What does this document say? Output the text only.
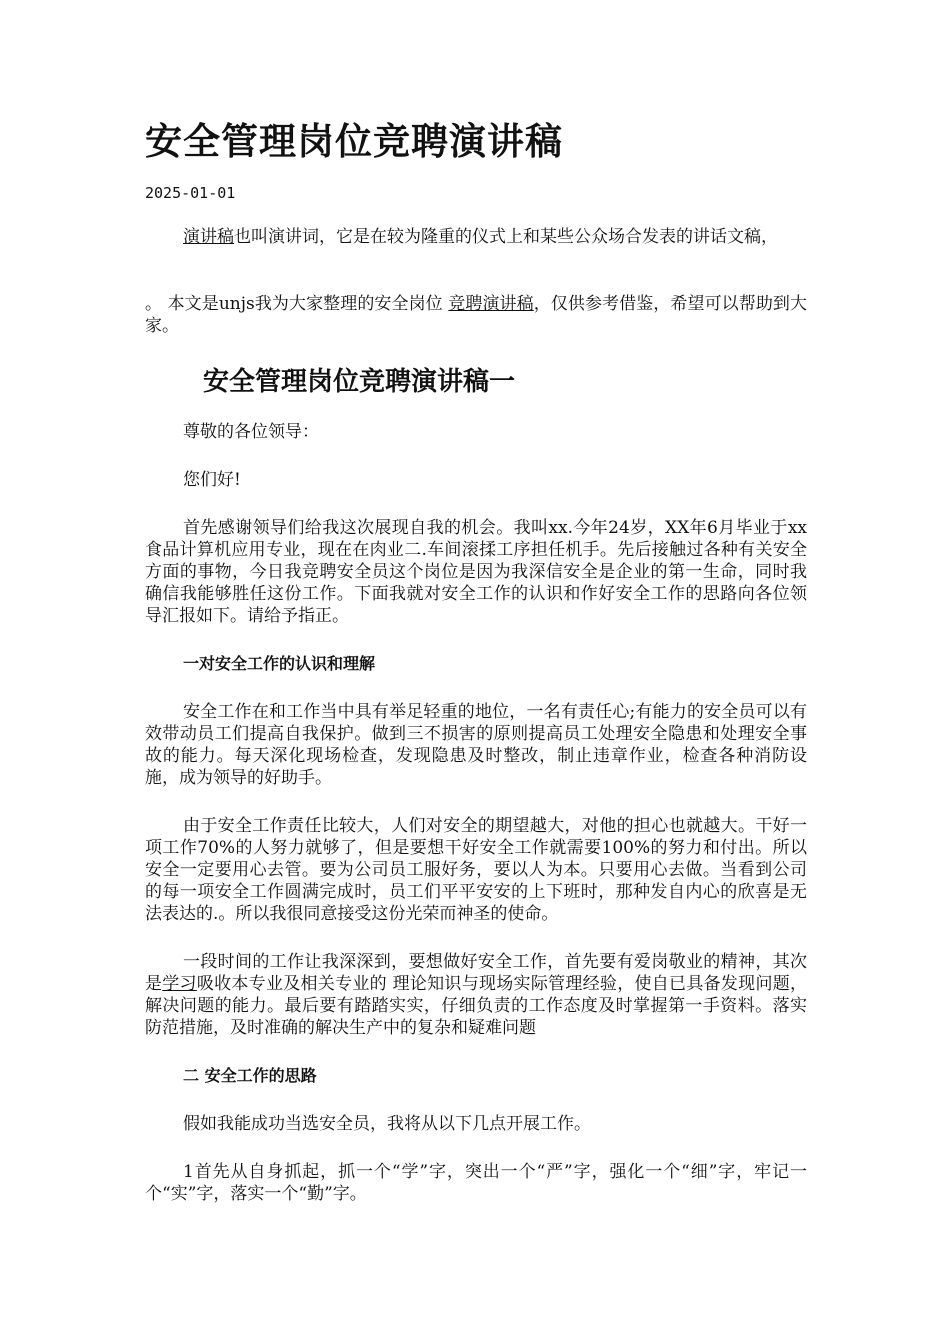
安全管理岗位竞聘演讲稿
2025-01-01

演讲稿也叫演讲词，它是在较为隆重的仪式上和某些公众场合发表的讲话文稿，

。 本文是unjs我为大家整理的安全岗位 竞聘演讲稿，仅供参考借鉴，希望可以帮助到大家。

安全管理岗位竞聘演讲稿一

尊敬的各位领导：

您们好!

首先感谢领导们给我这次展现自我的机会。我叫xx.今年24岁，XX年6月毕业于xx食品计算机应用专业，现在在肉业二.车间滚揉工序担任机手。先后接触过各种有关安全方面的事物，今日我竞聘安全员这个岗位是因为我深信安全是企业的第一生命，同时我确信我能够胜任这份工作。下面我就对安全工作的认识和作好安全工作的思路向各位领导汇报如下。请给予指正。

一对安全工作的认识和理解

安全工作在和工作当中具有举足轻重的地位，一名有责任心;有能力的安全员可以有效带动员工们提高自我保护。做到三不损害的原则提高员工处理安全隐患和处理安全事故的能力。每天深化现场检查，发现隐患及时整改，制止违章作业，检查各种消防设施，成为领导的好助手。

由于安全工作责任比较大，人们对安全的期望越大，对他的担心也就越大。干好一项工作70%的人努力就够了，但是要想干好安全工作就需要100%的努力和付出。所以安全一定要用心去管。要为公司员工服好务，要以人为本。只要用心去做。当看到公司的每一项安全工作圆满完成时，员工们平平安安的上下班时，那种发自内心的欣喜是无法表达的.。所以我很同意接受这份光荣而神圣的使命。

一段时间的工作让我深深到，要想做好安全工作，首先要有爱岗敬业的精神，其次是学习吸收本专业及相关专业的 理论知识与现场实际管理经验，使自已具备发现问题，解决问题的能力。最后要有踏踏实实，仔细负责的工作态度及时掌握第一手资料。落实防范措施，及时准确的解决生产中的复杂和疑难问题

二 安全工作的思路

假如我能成功当选安全员，我将从以下几点开展工作。

1首先从自身抓起，抓一个“学”字，突出一个“严”字，强化一个“细”字，牢记一个“实”字，落实一个“勤”字。
